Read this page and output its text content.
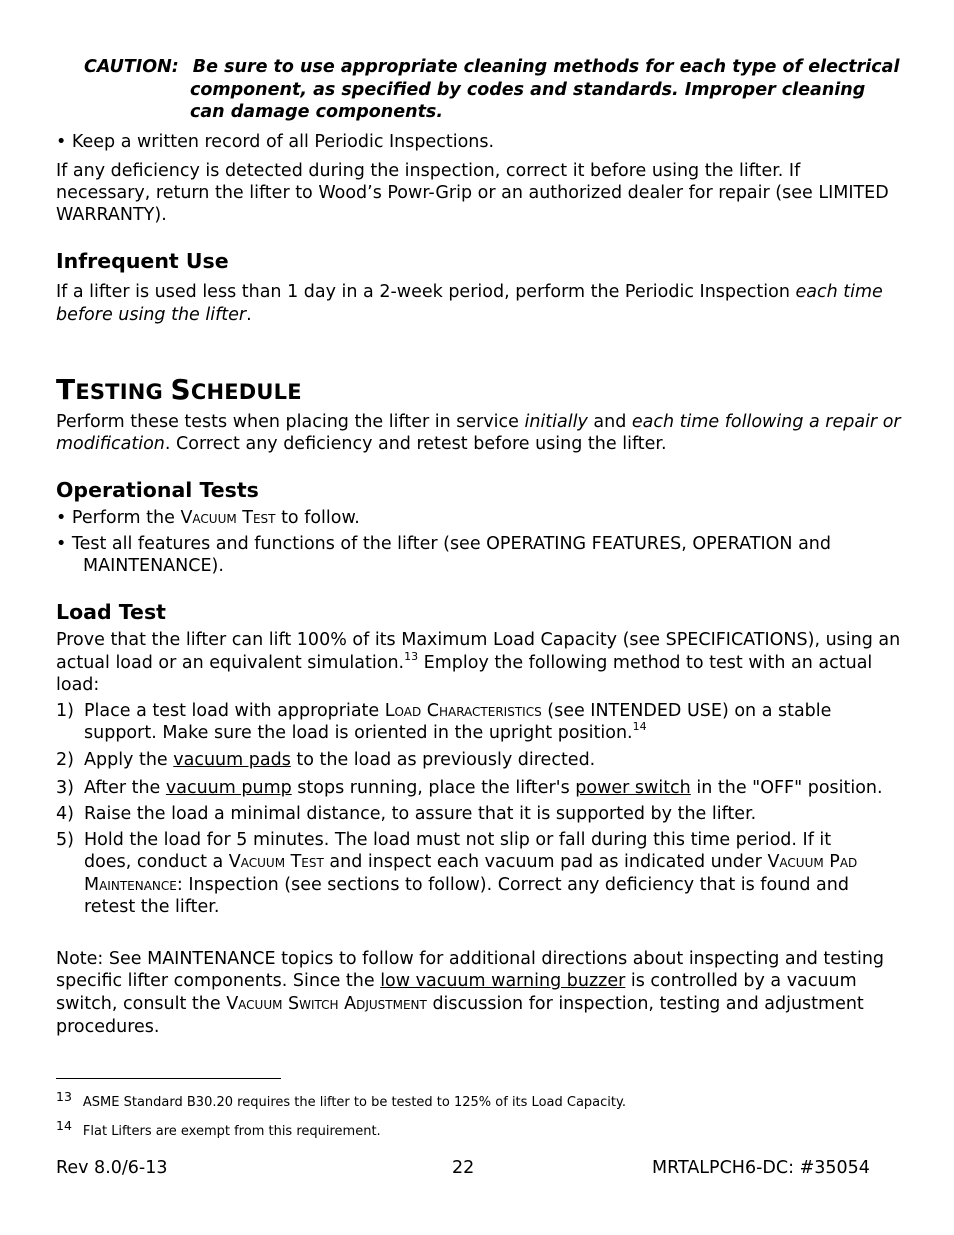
CAUTION: Be sure to use appropriate cleaning methods for each type of electrical
component, as specified by codes and standards. Improper cleaning
can damage components.
• Keep a written record of all Periodic Inspections.
If any deficiency is detected during the inspection, correct it before using the lifter. If
necessary, return the lifter to Wood’s Powr-Grip or an authorized dealer for repair (see LIMITED
WARRANTY).
Infrequent Use
If a lifter is used less than 1 day in a 2-week period, perform the Periodic Inspection each time
before using the lifter.
TESTING SCHEDULE
Perform these tests when placing the lifter in service initially and each time following a repair or
modification. Correct any deficiency and retest before using the lifter.
Operational Tests
• Perform the Vacuum Test to follow.
• Test all features and functions of the lifter (see OPERATING FEATURES, OPERATION and
MAINTENANCE).
Load Test
Prove that the lifter can lift 100% of its Maximum Load Capacity (see SPECIFICATIONS), using an
actual load or an equivalent simulation.$^{13}$ Employ the following method to test with an actual
load:
1) Place a test load with appropriate Load Characteristics (see INTENDED USE) on a stable
support. Make sure the load is oriented in the upright position.$^{14}$
2) Apply the vacuum pads to the load as previously directed.
3) After the vacuum pump stops running, place the lifter's power switch in the "OFF" position.
4) Raise the load a minimal distance, to assure that it is supported by the lifter.
5) Hold the load for 5 minutes. The load must not slip or fall during this time period. If it
does, conduct a Vacuum Test and inspect each vacuum pad as indicated under Vacuum Pad
Maintenance: Inspection (see sections to follow). Correct any deficiency that is found and
retest the lifter.
Note: See MAINTENANCE topics to follow for additional directions about inspecting and testing
specific lifter components. Since the low vacuum warning buzzer is controlled by a vacuum
switch, consult the Vacuum Switch Adjustment discussion for inspection, testing and adjustment
procedures.
13 ASME Standard B30.20 requires the lifter to be tested to 125% of its Load Capacity.
14 Flat Lifters are exempt from this requirement.
Rev 8.0/6-13	22	MRTALPCH6-DC: #35054
